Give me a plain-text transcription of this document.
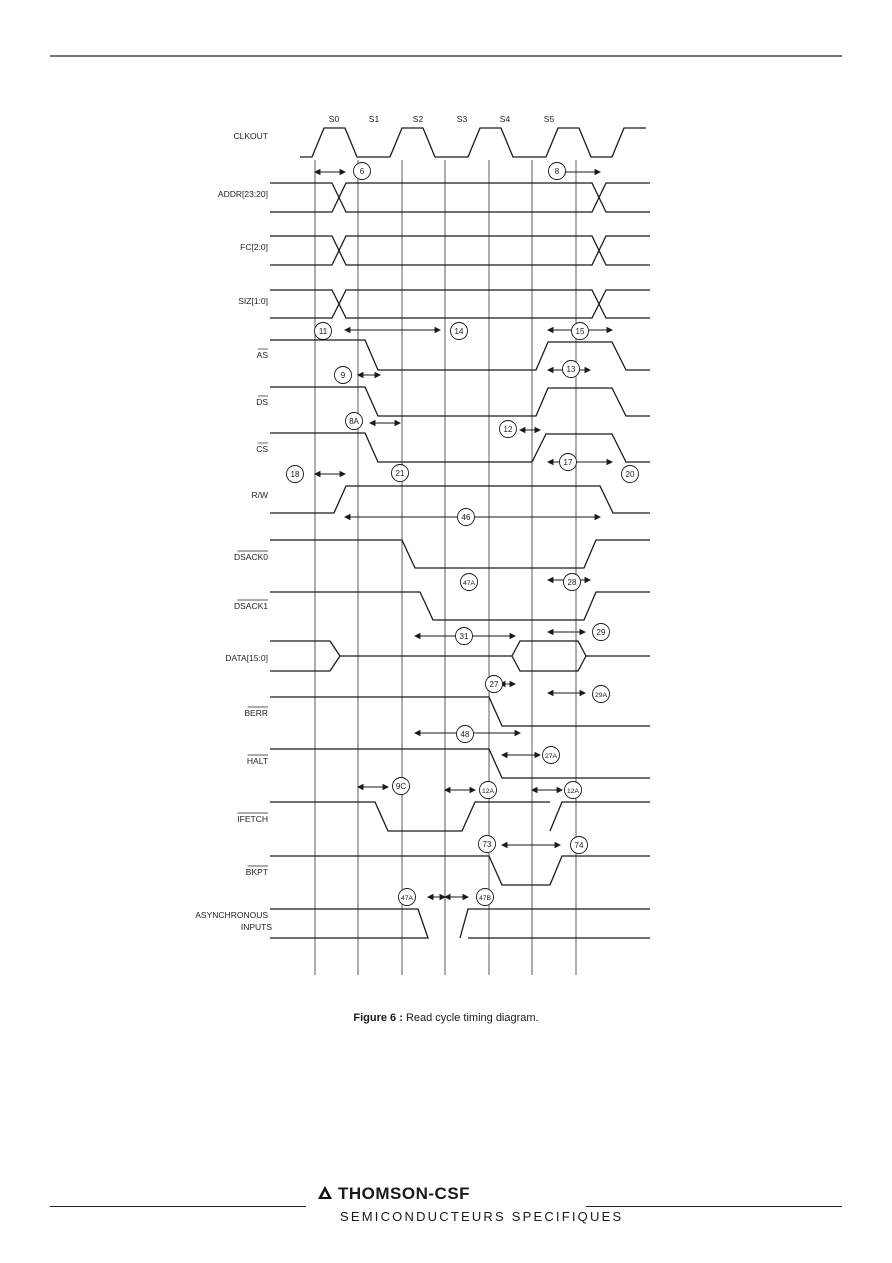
S0	S1	S2	S3	S4	S5
CLKOUT
ADDR[23:20]
FC[2:0]
SIZ[1:0]
AS
DS
CS
R/W
DSACK0
DSACK1
DATA[15:0]
BERR
HALT
IFETCH
BKPT
ASYNCHRONOUS
INPUTS
6	8
11	14	15
9
13
8A
12
17
18	21	20
46
47A	28
31	29
27
29A
48
27A
9C
12A	12A
73	74
47A	47B
Figure 6 : Read cycle timing diagram.
THOMSON-CSF
SEMICONDUCTEURS SPECIFIQUES
